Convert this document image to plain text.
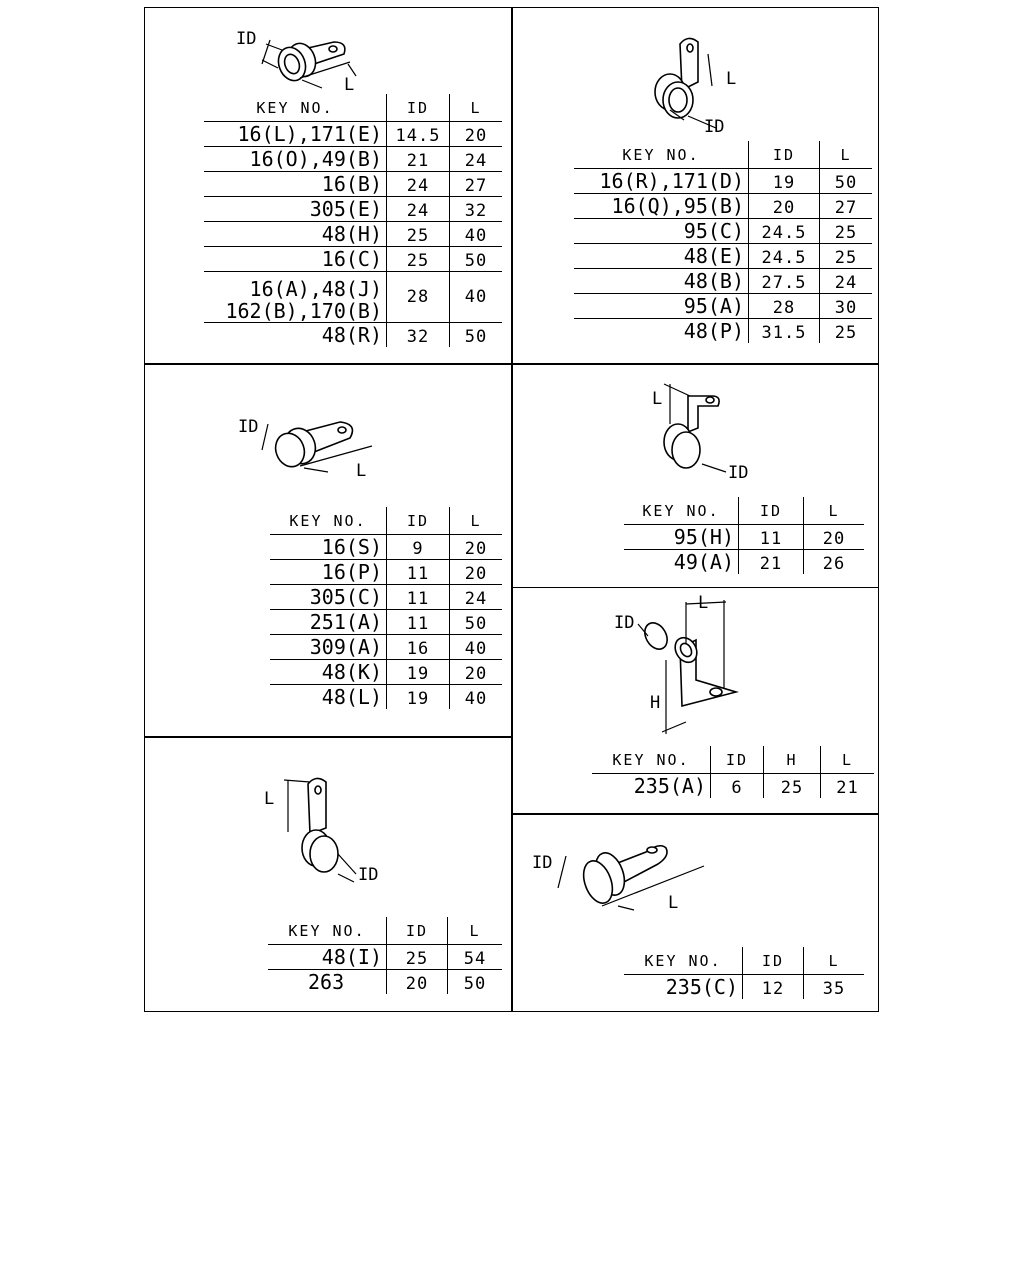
ID
L	L
ID
ID
L
L
ID
L
ID
H
L
ID
ID
L
KEY NO.	ID	L
16(L),171(E)	14.5	20
16(O),49(B)	21	24
16(B)	24	27
305(E)	24	32
48(H)	25	40
16(C)	25	50

16(A),48(J)
162(B),170(B)	28	40
48(R)	32	50
KEY NO.	ID	L
16(R),171(D)	19	50
16(Q),95(B)	20	27
95(C)	24.5	25
48(E)	24.5	25
48(B)	27.5	24
95(A)	28	30
48(P)	31.5	25
KEY NO.	ID	L
16(S)	9	20
16(P)	11	20
305(C)	11	24
251(A)	11	50
309(A)	16	40
48(K)	19	20
48(L)	19	40
KEY NO.	ID	L
95(H)	11	20
49(A)	21	26
KEY NO.	ID	H	L
235(A)	6	25	21
KEY NO.	ID	L
48(I)	25	54
263	20	50
KEY NO.	ID	L
235(C)	12	35
